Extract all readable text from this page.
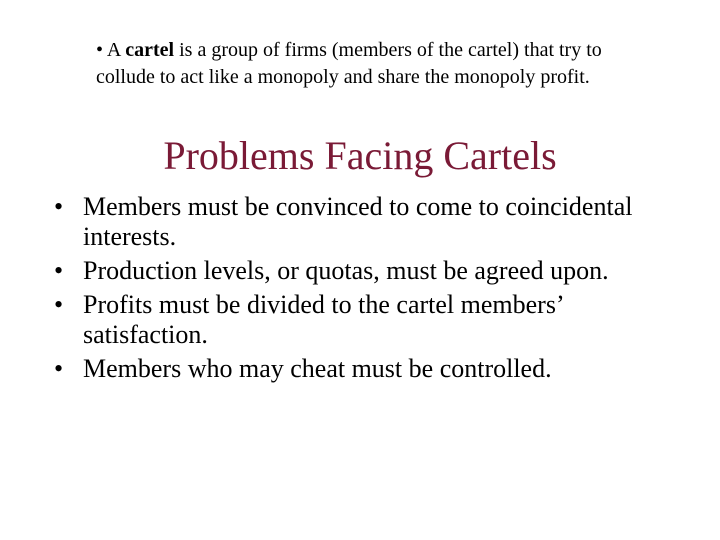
• A cartel is a group of firms (members of the cartel) that try to collude to act like a monopoly and share the monopoly profit.

Problems Facing Cartels
• Members must be convinced to come to coincidental interests.
• Production levels, or quotas, must be agreed upon.
• Profits must be divided to the cartel members’ satisfaction.
• Members who may cheat must be controlled.
